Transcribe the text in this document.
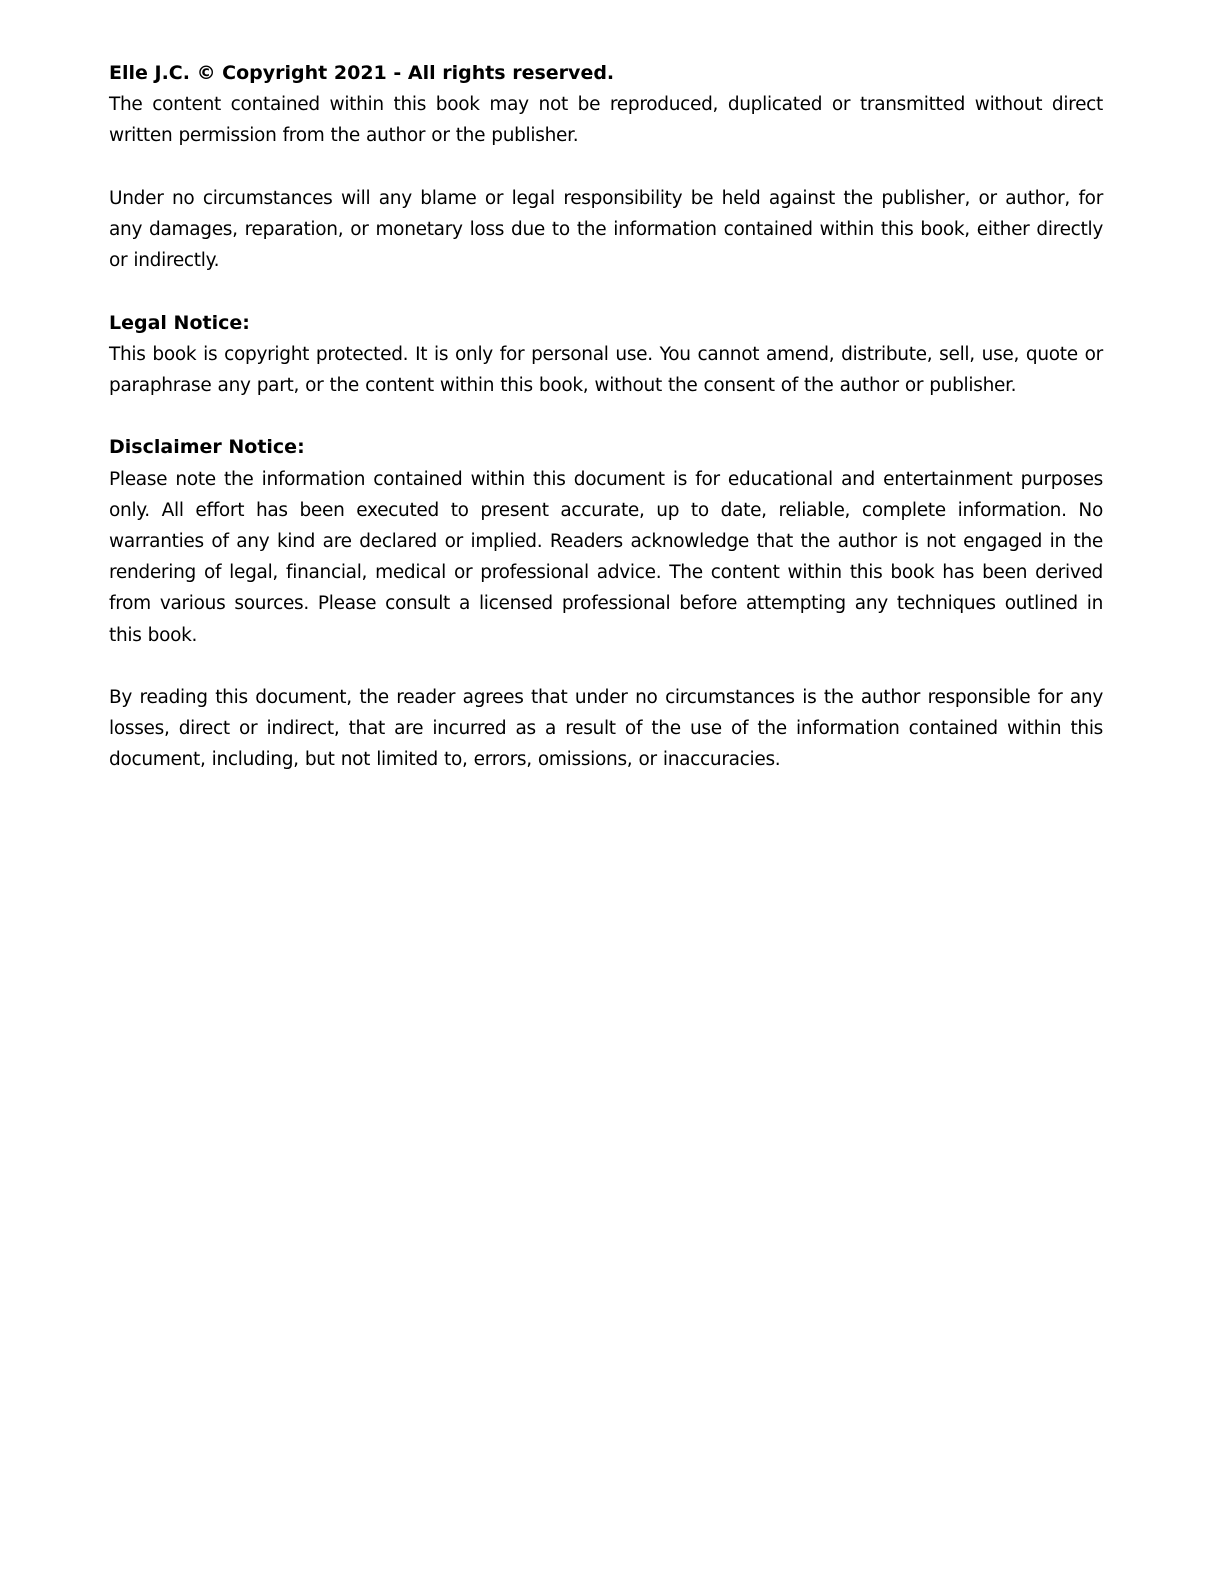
Elle J.C. © Copyright 2021 - All rights reserved.

The content contained within this book may not be reproduced, duplicated or transmitted without direct written permission from the author or the publisher.

Under no circumstances will any blame or legal responsibility be held against the publisher, or author, for any damages, reparation, or monetary loss due to the information contained within this book, either directly or indirectly.

Legal Notice:

This book is copyright protected. It is only for personal use. You cannot amend, distribute, sell, use, quote or paraphrase any part, or the content within this book, without the consent of the author or publisher.

Disclaimer Notice:

Please note the information contained within this document is for educational and entertainment purposes only. All effort has been executed to present accurate, up to date, reliable, complete information. No warranties of any kind are declared or implied. Readers acknowledge that the author is not engaged in the rendering of legal, financial, medical or professional advice. The content within this book has been derived from various sources. Please consult a licensed professional before attempting any techniques outlined in this book.

By reading this document, the reader agrees that under no circumstances is the author responsible for any losses, direct or indirect, that are incurred as a result of the use of the information contained within this document, including, but not limited to, errors, omissions, or inaccuracies.
